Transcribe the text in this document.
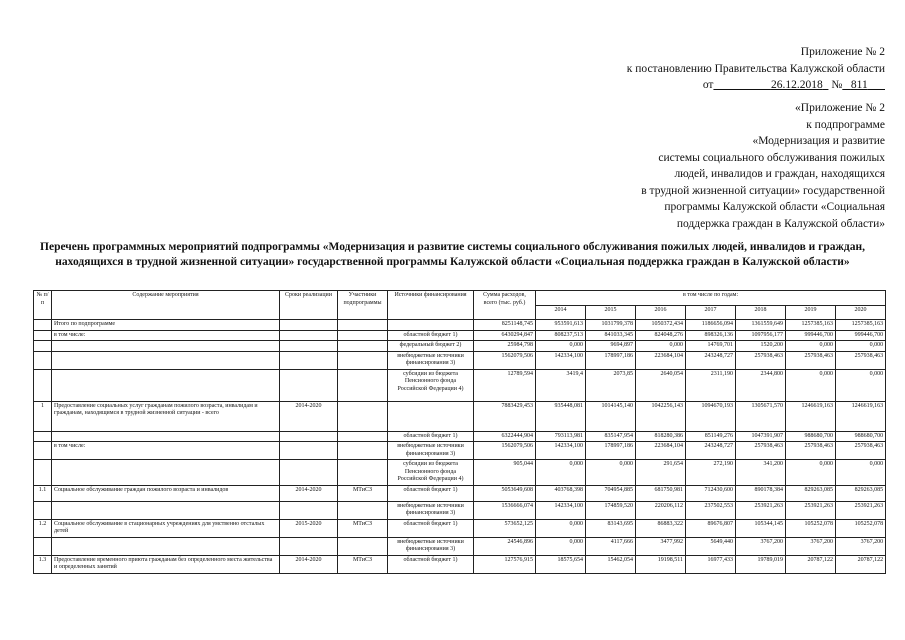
Приложение № 2
к постановлению Правительства Калужской области
от	26.12.2018 № 811
«Приложение № 2
к подпрограмме
«Модернизация и развитие
системы социального обслуживания пожилых
людей, инвалидов и граждан, находящихся
в трудной жизненной ситуации» государственной
программы Калужской области «Социальная
поддержка граждан в Калужской области»
Перечень программных мероприятий подпрограммы «Модернизация и развитие системы социального обслуживания пожилых людей, инвалидов и граждан, находящихся в трудной жизненной ситуации» государственной программы Калужской области «Социальная поддержка граждан в Калужской области»
№ п/п	Содержание мероприятия	Сроки реализации	Участники подпрограммы	Источники финансирования	Сумма расходов, всего (тыс. руб.)	в том числе по годам:						
						2014	2015	2016	2017	2018	2019	2020
	Итого по подпрограмме				8251148,745	953591,613	1031799,378	1050372,434	1186656,094	1361559,649	1257385,163	1257385,163
	в том числе:			областной бюджет 1)	6430294,847	808237,513	841033,345	824048,276	898326,136	1097956,177	999446,700	999446,700
				федеральный бюджет 2)	25984,798	0,000	9694,897	0,000	14769,701	1520,200	0,000	0,000
				внебюджетные источники финансирования 3)	1562079,506	142334,100	178997,186	223684,104	243248,727	257938,463	257938,463	257938,463
				субсидии из бюджета Пенсионного фонда Российской Федерации 4)	12789,594	3419,4	2073,85	2640,054	2311,190	2344,800	0,000	0,000
1	Предоставление социальных услуг гражданам пожилого возраста, инвалидам и гражданам, находящимся в трудной жизненной ситуации - всего	2014-2020			7883429,453	935448,081	1014145,140	1042256,143	1094670,193	1305671,570	1246619,163	1246619,163
				областной бюджет 1)	6322444,904	793113,981	835147,954	818280,386	851149,276	1047391,907	988680,700	988680,700
	в том числе:			внебюджетные источники финансирования 3)	1562079,506	142334,100	178997,186	223684,104	243248,727	257938,463	257938,463	257938,463
				субсидии из бюджета Пенсионного фонда Российской Федерации 4)	905,044	0,000	0,000	291,654	272,190	341,200	0,000	0,000
1.1	Социальное обслуживание граждан пожилого возраста и инвалидов	2014-2020	МТиСЗ	областной бюджет 1)	5053649,608	403768,398	704954,885	681750,981	712430,600	890178,384	829263,085	829263,085
				внебюджетные источники финансирования 3)	1536666,074	142334,100	174859,520	220206,112	237502,553	253921,263	253921,263	253921,263
1.2	Социальное обслуживание в стационарных учреждениях для умственно отсталых детей	2015-2020	МТиСЗ	областной бюджет 1)	573652,125	0,000	83143,695	86883,322	89676,807	105344,145	105252,078	105252,078
				внебюджетные источники финансирования 3)	24546,896	0,000	4117,666	3477,992	5649,440	3767,200	3767,200	3767,200
1.3	Предоставление временного приюта гражданам без определенного места жительства и определенных занятий	2014-2020	МТиСЗ	областной бюджет 1)	127576,915	18575,654	15462,054	19198,511	16977,433	19789,019	20787,122	20787,122
